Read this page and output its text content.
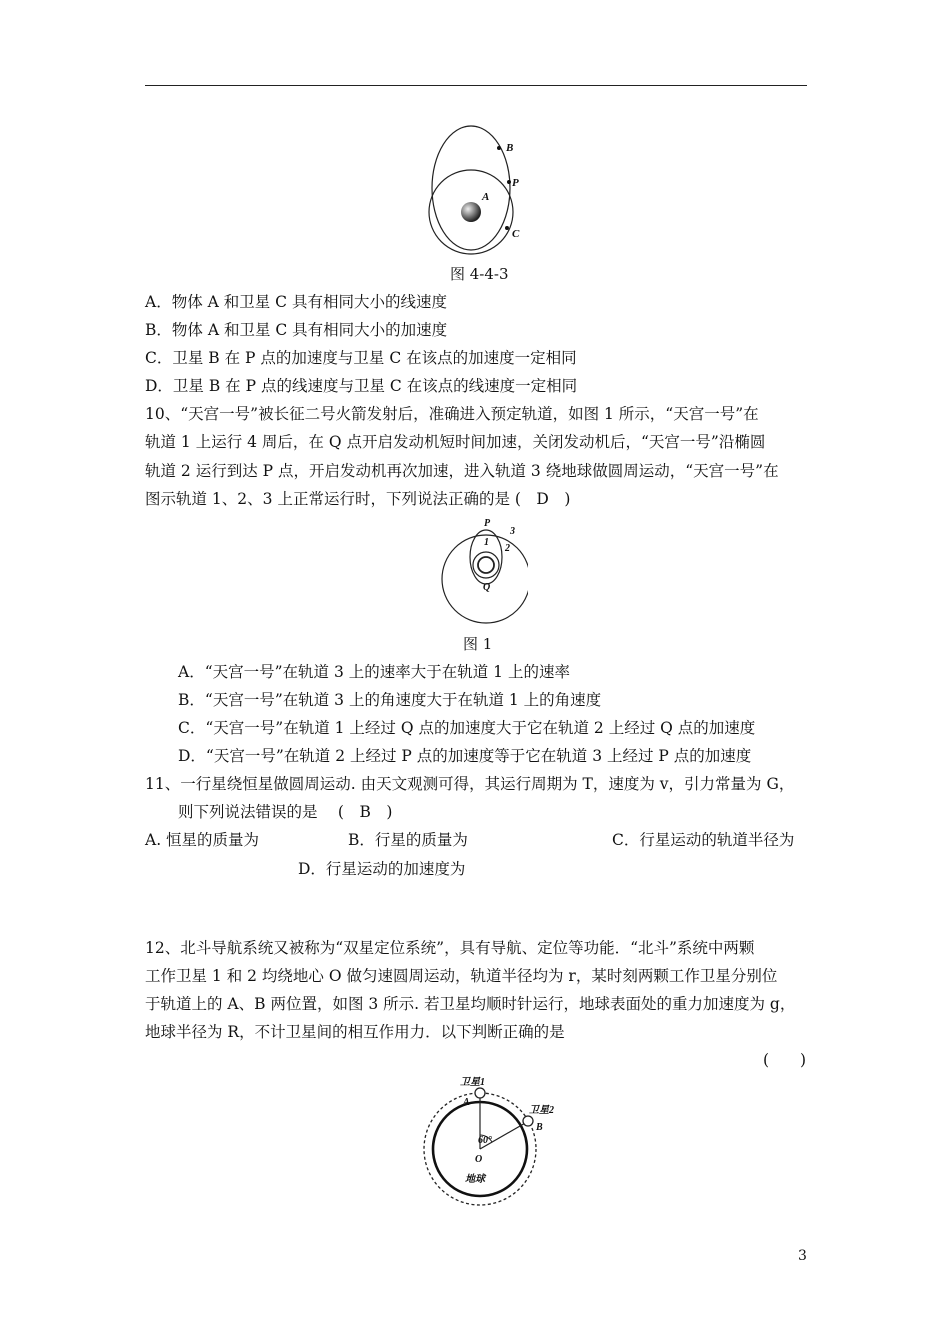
A
B
P
C
图 4-4-3
A．物体 A 和卫星 C 具有相同大小的线速度
B．物体 A 和卫星 C 具有相同大小的加速度
C．卫星 B 在 P 点的加速度与卫星 C 在该点的加速度一定相同
D．卫星 B 在 P 点的线速度与卫星 C 在该点的线速度一定相同
10、“天宫一号”被长征二号火箭发射后，准确进入预定轨道，如图 1 所示，“天宫一号”在
轨道 1 上运行 4 周后，在 Q 点开启发动机短时间加速，关闭发动机后，“天宫一号”沿椭圆
轨道 2 运行到达 P 点，开启发动机再次加速，进入轨道 3 绕地球做圆周运动，“天宫一号”在
图示轨道 1、2、3 上正常运行时，下列说法正确的是 (　D　)
P
1
2
3
Q
图 1
A．“天宫一号”在轨道 3 上的速率大于在轨道 1 上的速率
B．“天宫一号”在轨道 3 上的角速度大于在轨道 1 上的角速度
C．“天宫一号”在轨道 1 上经过 Q 点的加速度大于它在轨道 2 上经过 Q 点的加速度
D．“天宫一号”在轨道 2 上经过 P 点的加速度等于它在轨道 3 上经过 P 点的加速度
11、一行星绕恒星做圆周运动. 由天文观测可得，其运行周期为 T，速度为 v，引力常量为 G，
则下列说法错误的是　 (　B　)
A. 恒星的质量为	B．行星的质量为	C．行星运动的轨道半径为
D．行星运动的加速度为
12、北斗导航系统又被称为“双星定位系统”，具有导航、定位等功能．“北斗”系统中两颗
工作卫星 1 和 2 均绕地心 O 做匀速圆周运动，轨道半径均为 r，某时刻两颗工作卫星分别位
于轨道上的 A、B 两位置，如图 3 所示. 若卫星均顺时针运行，地球表面处的重力加速度为 g，
地球半径为 R，不计卫星间的相互作用力．以下判断正确的是
(　　)
卫星1
卫星2
A
B
60°
O
地球
3
